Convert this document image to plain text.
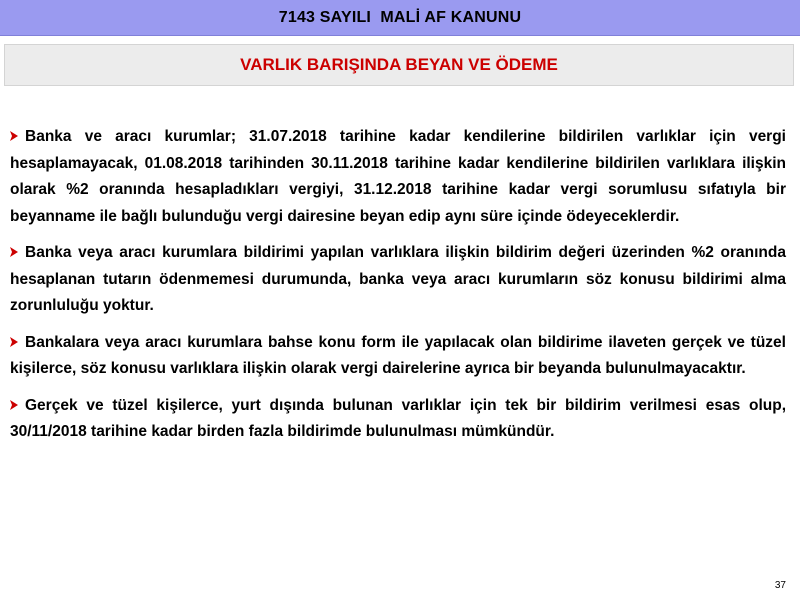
7143 SAYILI  MALİ AF KANUNU
VARLIK BARIŞINDA BEYAN VE ÖDEME

Banka ve aracı kurumlar; 31.07.2018 tarihine kadar kendilerine bildirilen varlıklar için vergi hesaplamayacak, 01.08.2018 tarihinden 30.11.2018 tarihine kadar kendilerine bildirilen varlıklara ilişkin olarak %2 oranında hesapladıkları vergiyi, 31.12.2018 tarihine kadar vergi sorumlusu sıfatıyla bir beyanname ile bağlı bulunduğu vergi dairesine beyan edip aynı süre içinde ödeyeceklerdir.

Banka veya aracı kurumlara bildirimi yapılan varlıklara ilişkin bildirim değeri üzerinden %2 oranında hesaplanan tutarın ödenmemesi durumunda, banka veya aracı kurumların söz konusu bildirimi alma zorunluluğu yoktur.

Bankalara veya aracı kurumlara bahse konu form ile yapılacak olan bildirime ilaveten gerçek ve tüzel kişilerce, söz konusu varlıklara ilişkin olarak vergi dairelerine ayrıca bir beyanda bulunulmayacaktır.

Gerçek ve tüzel kişilerce, yurt dışında bulunan varlıklar için tek bir bildirim verilmesi esas olup, 30/11/2018 tarihine kadar birden fazla bildirimde bulunulması mümkündür.

37
